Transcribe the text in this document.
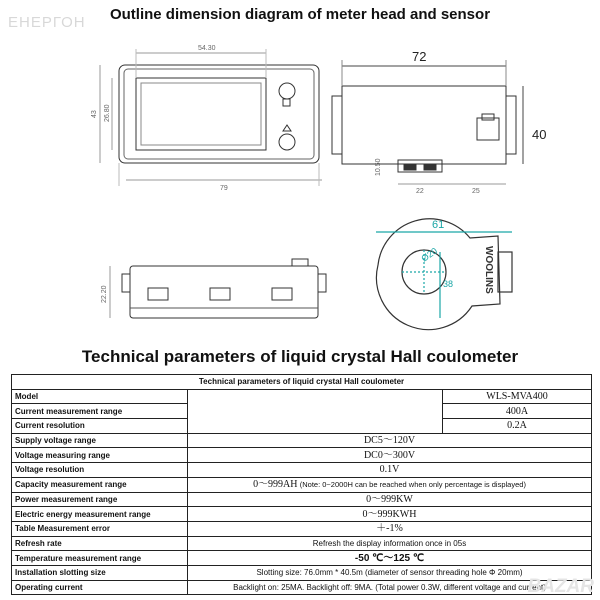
ЕНЕРГОН	Outline dimension diagram of meter head and sensor
54.30
43 26.80
79
72
40
10.50
22	25
22.20
61
Ø20
38	WOOLINS
Technical parameters of liquid crystal Hall coulometer
Technical parameters of liquid crystal Hall coulometer		
Model		WLS-MVA400
Current measurement range		400A
Current resolution		0.2A
Supply voltage range	DC5～120V	
Voltage measuring range	DC0～300V	
Voltage resolution	0.1V	
Capacity measurement range	0～999AH (Note: 0~2000H can be reached when only percentage is displayed)	
Power measurement range	0～999KW	
Electric energy measurement range	0～999KWH	
Table Measurement error	＋-1%	
Refresh rate	Refresh the display information once in 05s	
Temperature measurement range	-50 ℃～125 ℃	
Installation slotting size	Slotting size: 76.0mm * 40.5m (diameter of sensor threading hole Φ 20mm)	
Operating current	Backlight on: 25MA. Backlight off: 9MA. (Total power 0.3W, different voltage and current)	
BAZAR
